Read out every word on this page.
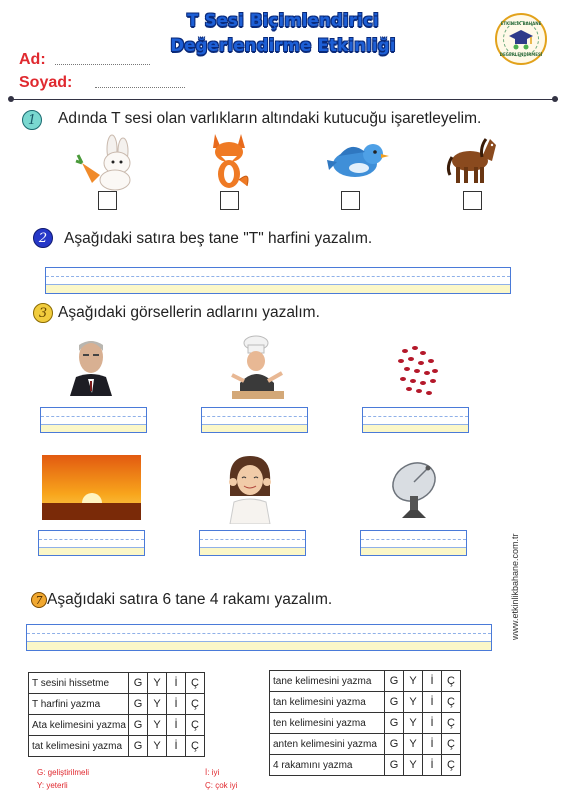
T Sesi Biçimlendirici
Değerlendirme Etkinliği
ETKİNLİK BAHANE
DEĞERLENDİRMESİ
Ad:
Soyad:
1	Adında T sesi olan varlıkların altındaki kutucuğu işaretleyelim.
2	Aşağıdaki satıra beş tane "T" harfini yazalım.
3 Aşağıdaki görsellerin adlarını yazalım.
7 Aşağıdaki satıra 6 tane 4 rakamı yazalım.	www.etkinlikbahane.com.tr
T sesini hissetme	G	Y	İ	Ç
T harfini yazma	G	Y	İ	Ç
Ata kelimesini yazma	G	Y	İ	Ç
tat kelimesini yazma	G	Y	İ	Ç
tane kelimesini yazma	G	Y	İ	Ç
tan kelimesini yazma	G	Y	İ	Ç
ten kelimesini yazma	G	Y	İ	Ç
anten kelimesini yazma	G	Y	İ	Ç
4 rakamını yazma	G	Y	İ	Ç
G: geliştirilmeli
Y: yeterli
İ: iyi
Ç: çok iyi
